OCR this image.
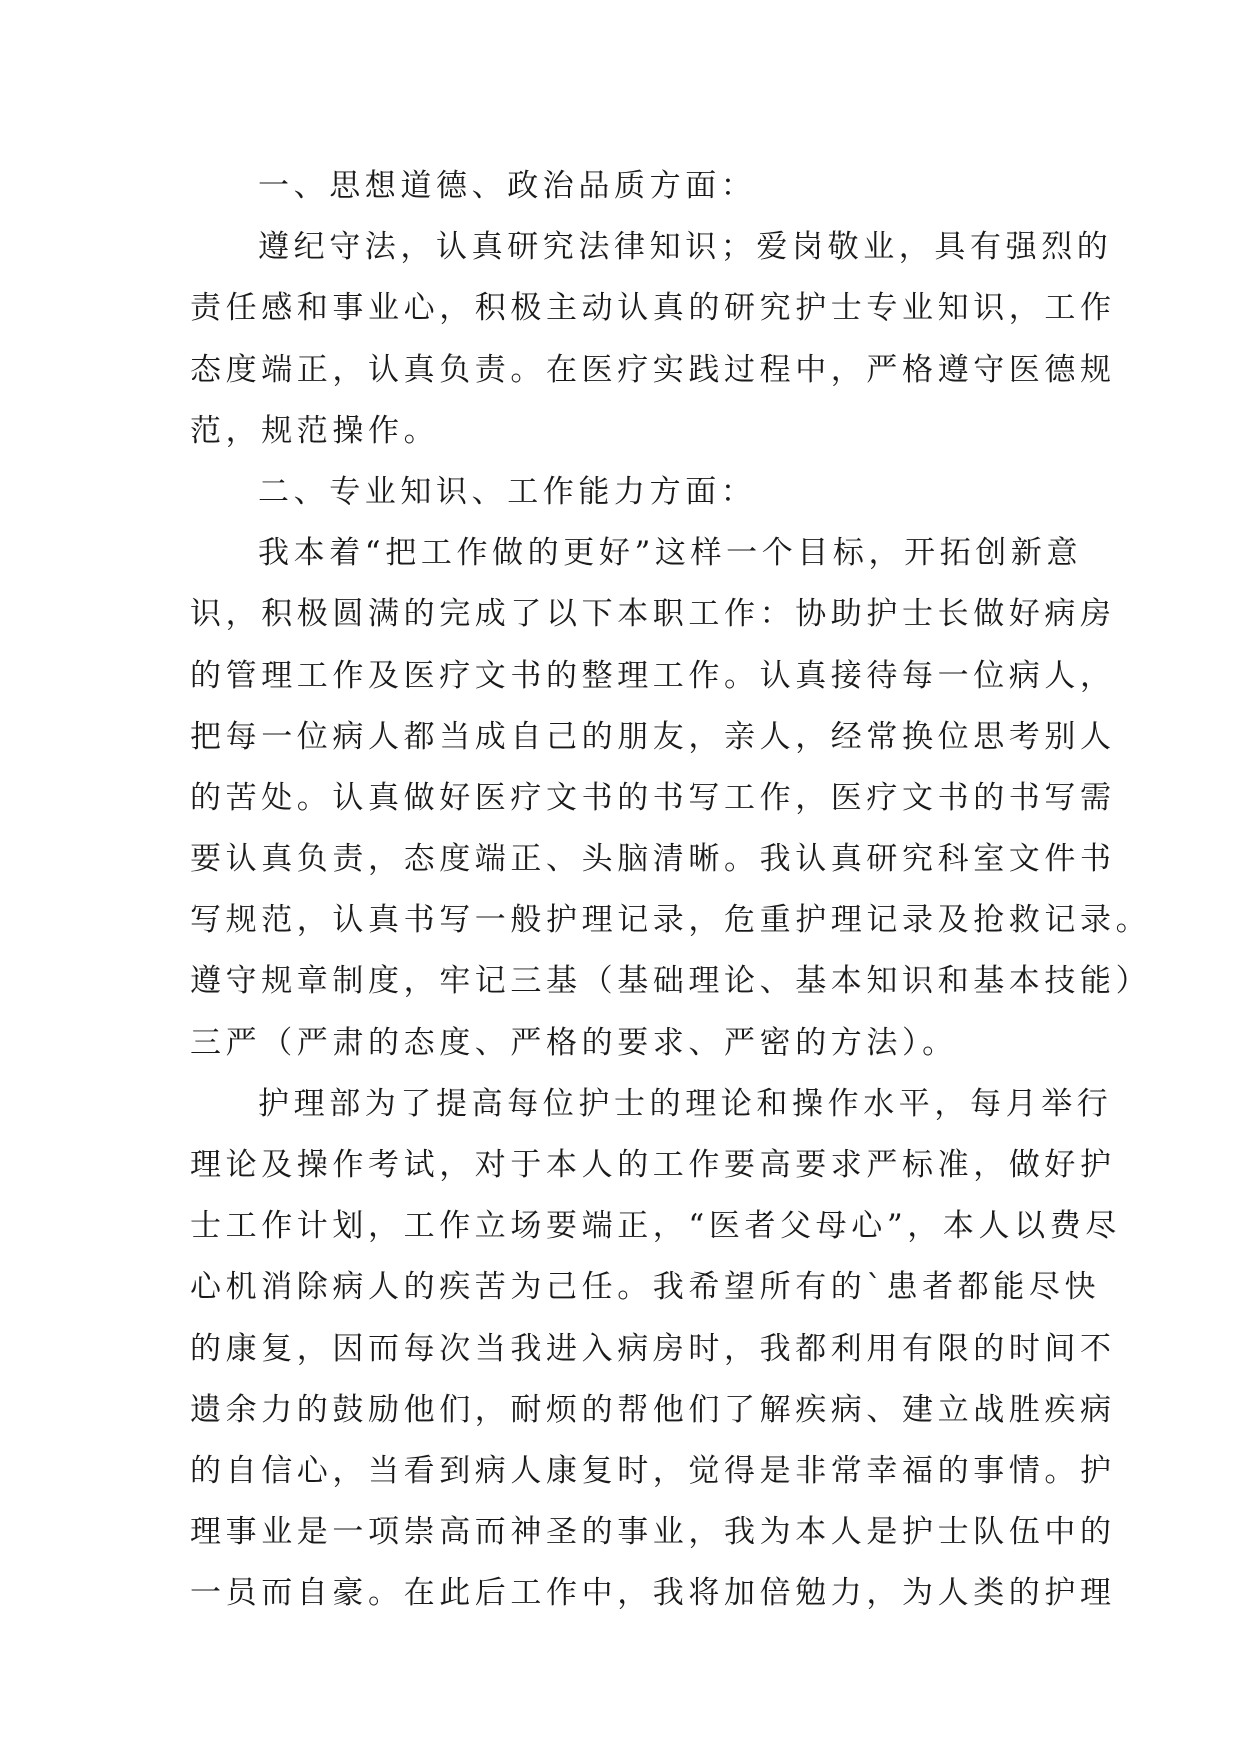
一、思想道德、政治品质方面：
遵纪守法，认真研究法律知识；爱岗敬业，具有强烈的
责任感和事业心，积极主动认真的研究护士专业知识，工作
态度端正，认真负责。在医疗实践过程中，严格遵守医德规
范，规范操作。
二、专业知识、工作能力方面：
我本着“把工作做的更好”这样一个目标，开拓创新意
识，积极圆满的完成了以下本职工作：协助护士长做好病房
的管理工作及医疗文书的整理工作。认真接待每一位病人，
把每一位病人都当成自己的朋友，亲人，经常换位思考别人
的苦处。认真做好医疗文书的书写工作，医疗文书的书写需
要认真负责，态度端正、头脑清晰。我认真研究科室文件书
写规范，认真书写一般护理记录，危重护理记录及抢救记录。
遵守规章制度，牢记三基（基础理论、基本知识和基本技能）
三严（严肃的态度、严格的要求、严密的方法）。
护理部为了提高每位护士的理论和操作水平，每月举行
理论及操作考试，对于本人的工作要高要求严标准，做好护
士工作计划，工作立场要端正，“医者父母心”，本人以费尽
心机消除病人的疾苦为己任。我希望所有的`患者都能尽快
的康复，因而每次当我进入病房时，我都利用有限的时间不
遗余力的鼓励他们，耐烦的帮他们了解疾病、建立战胜疾病
的自信心，当看到病人康复时，觉得是非常幸福的事情。护
理事业是一项崇高而神圣的事业，我为本人是护士队伍中的
一员而自豪。在此后工作中，我将加倍勉力，为人类的护理
